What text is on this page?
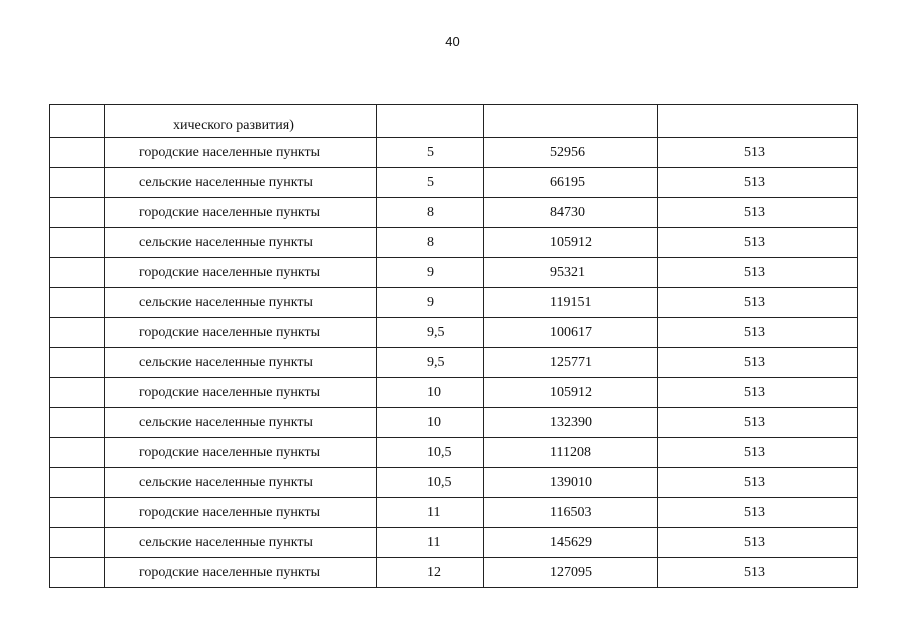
40
	хического развития)			
	городские населенные пункты	5	52956	513
	сельские населенные пункты	5	66195	513
	городские населенные пункты	8	84730	513
	сельские населенные пункты	8	105912	513
	городские населенные пункты	9	95321	513
	сельские населенные пункты	9	119151	513
	городские населенные пункты	9,5	100617	513
	сельские населенные пункты	9,5	125771	513
	городские населенные пункты	10	105912	513
	сельские населенные пункты	10	132390	513
	городские населенные пункты	10,5	111208	513
	сельские населенные пункты	10,5	139010	513
	городские населенные пункты	11	116503	513
	сельские населенные пункты	11	145629	513
	городские населенные пункты	12	127095	513
